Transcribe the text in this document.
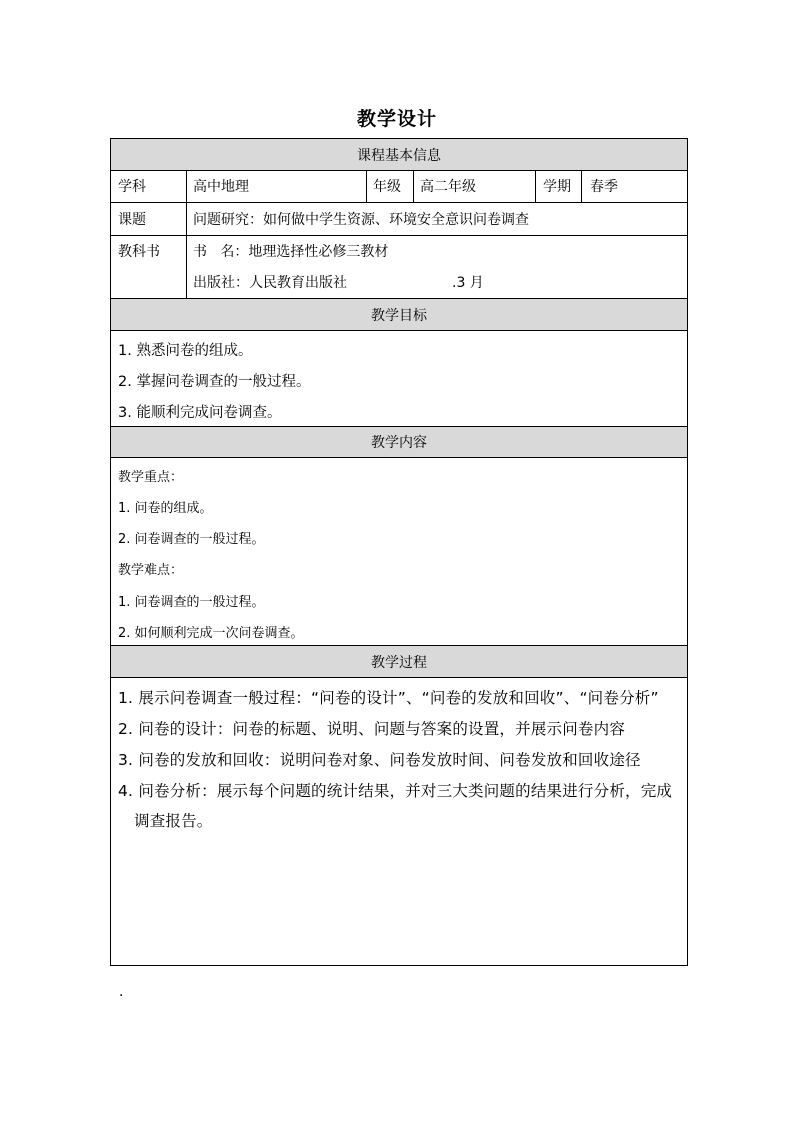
教学设计
课程基本信息
学科	高中地理	年级 高二年级	学期 春季
课题	问题研究：如何做中学生资源、环境安全意识问卷调查
教科书 书   名：地理选择性必修三教材
出版社：人民教育出版社	.3 月
教学目标
1. 熟悉问卷的组成。
2. 掌握问卷调查的一般过程。
3. 能顺利完成问卷调查。
教学内容
教学重点：
1. 问卷的组成。
2. 问卷调查的一般过程。
教学难点：
1. 问卷调查的一般过程。
2. 如何顺利完成一次问卷调查。
教学过程
1. 展示问卷调查一般过程：“问卷的设计”、“问卷的发放和回收”、“问卷分析”
2. 问卷的设计：问卷的标题、说明、问题与答案的设置，并展示问卷内容
3. 问卷的发放和回收：说明问卷对象、问卷发放时间、问卷发放和回收途径
4. 问卷分析：展示每个问题的统计结果，并对三大类问题的结果进行分析，完成
调查报告。
.
